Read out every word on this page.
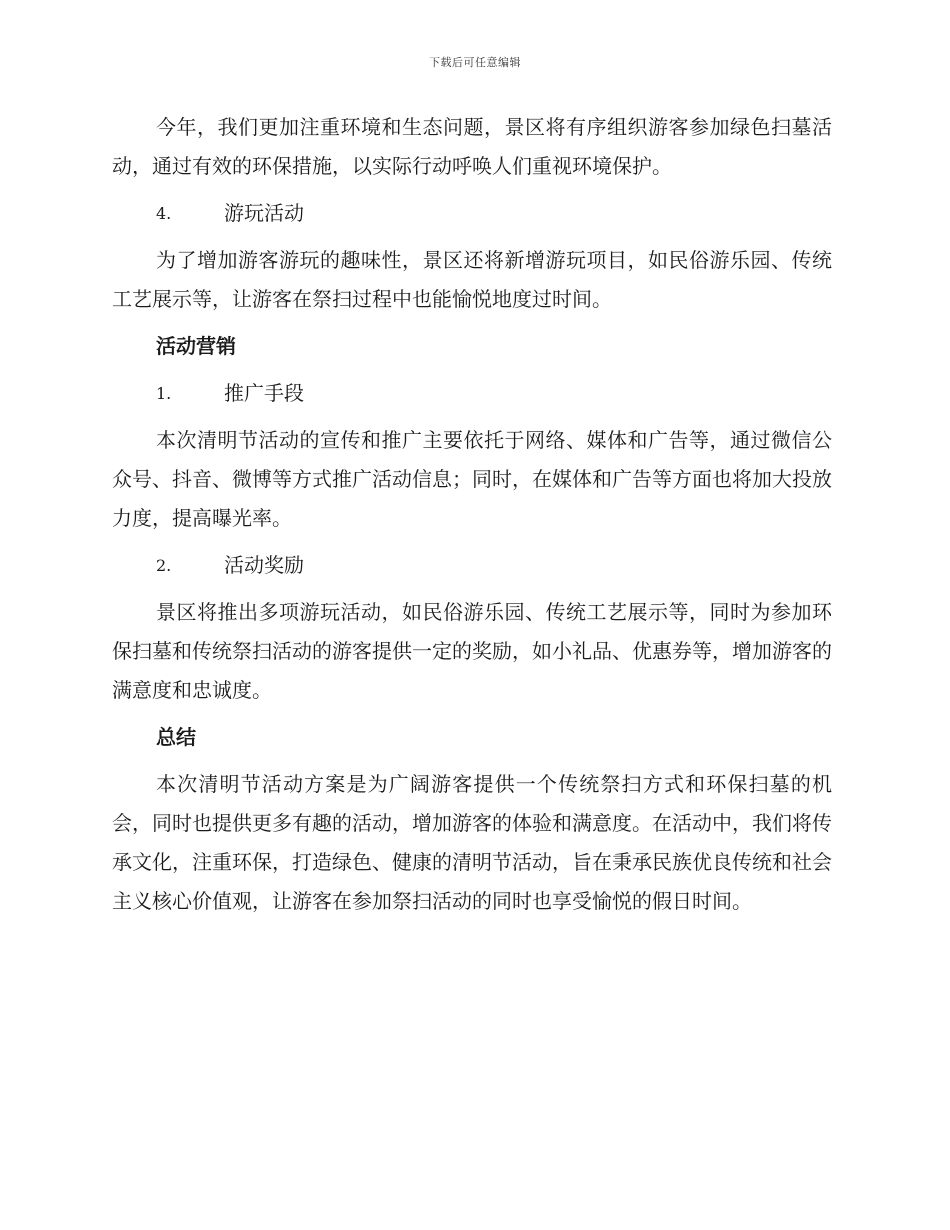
下载后可任意编辑

今年，我们更加注重环境和生态问题，景区将有序组织游客参加绿色扫墓活动，通过有效的环保措施，以实际行动呼唤人们重视环境保护。

4.	游玩活动

为了增加游客游玩的趣味性，景区还将新增游玩项目，如民俗游乐园、传统工艺展示等，让游客在祭扫过程中也能愉悦地度过时间。

活动营销
1.	推广手段

本次清明节活动的宣传和推广主要依托于网络、媒体和广告等，通过微信公众号、抖音、微博等方式推广活动信息；同时，在媒体和广告等方面也将加大投放力度，提高曝光率。

2.	活动奖励

景区将推出多项游玩活动，如民俗游乐园、传统工艺展示等，同时为参加环保扫墓和传统祭扫活动的游客提供一定的奖励，如小礼品、优惠券等，增加游客的满意度和忠诚度。

总结

本次清明节活动方案是为广阔游客提供一个传统祭扫方式和环保扫墓的机会，同时也提供更多有趣的活动，增加游客的体验和满意度。在活动中，我们将传承文化，注重环保，打造绿色、健康的清明节活动，旨在秉承民族优良传统和社会主义核心价值观，让游客在参加祭扫活动的同时也享受愉悦的假日时间。
